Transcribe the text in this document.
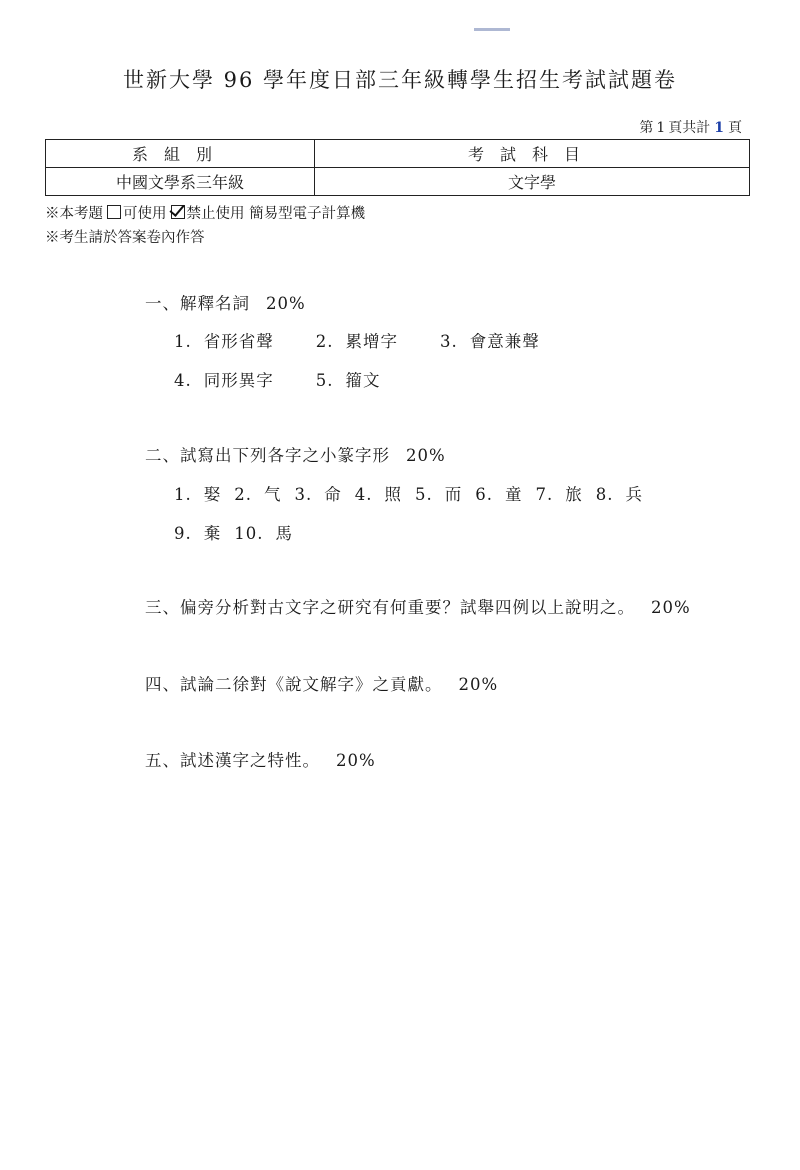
世新大學 96 學年度日部三年級轉學生招生考試試題卷
第 1 頁共計 1 頁
系組別	考試科目
中國文學系三年級	文字學
※本考題 可使用 禁止使用 簡易型電子計算機
※考生請於答案卷內作答
一、解釋名詞 20%
1. 省形省聲	2. 累增字	3. 會意兼聲
4. 同形異字	5. 籀文
二、試寫出下列各字之小篆字形 20%
1. 娶 2. 气 3. 命 4. 照 5. 而 6. 童 7. 旅 8. 兵
9. 棄 10. 馬
三、偏旁分析對古文字之研究有何重要？試舉四例以上說明之。 20%
四、試論二徐對《說文解字》之貢獻。 20%
五、試述漢字之特性。 20%
